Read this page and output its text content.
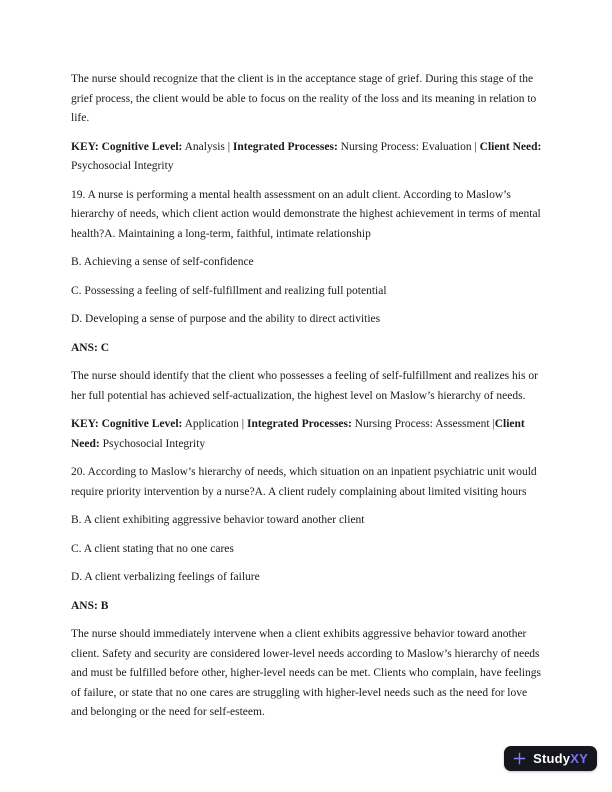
The nurse should recognize that the client is in the acceptance stage of grief. During this stage of the grief process, the client would be able to focus on the reality of the loss and its meaning in relation to life.

KEY: Cognitive Level: Analysis | Integrated Processes: Nursing Process: Evaluation | Client Need: Psychosocial Integrity

19. A nurse is performing a mental health assessment on an adult client. According to Maslow’s hierarchy of needs, which client action would demonstrate the highest achievement in terms of mental health?A. Maintaining a long-term, faithful, intimate relationship

B. Achieving a sense of self-confidence

C. Possessing a feeling of self-fulfillment and realizing full potential

D. Developing a sense of purpose and the ability to direct activities

ANS: C

The nurse should identify that the client who possesses a feeling of self-fulfillment and realizes his or her full potential has achieved self-actualization, the highest level on Maslow’s hierarchy of needs.

KEY: Cognitive Level: Application | Integrated Processes: Nursing Process: Assessment |Client Need: Psychosocial Integrity

20. According to Maslow’s hierarchy of needs, which situation on an inpatient psychiatric unit would require priority intervention by a nurse?A. A client rudely complaining about limited visiting hours

B. A client exhibiting aggressive behavior toward another client

C. A client stating that no one cares

D. A client verbalizing feelings of failure

ANS: B

The nurse should immediately intervene when a client exhibits aggressive behavior toward another client. Safety and security are considered lower-level needs according to Maslow’s hierarchy of needs and must be fulfilled before other, higher-level needs can be met. Clients who complain, have feelings of failure, or state that no one cares are struggling with higher-level needs such as the need for love and belonging or the need for self-esteem.

StudyXY
